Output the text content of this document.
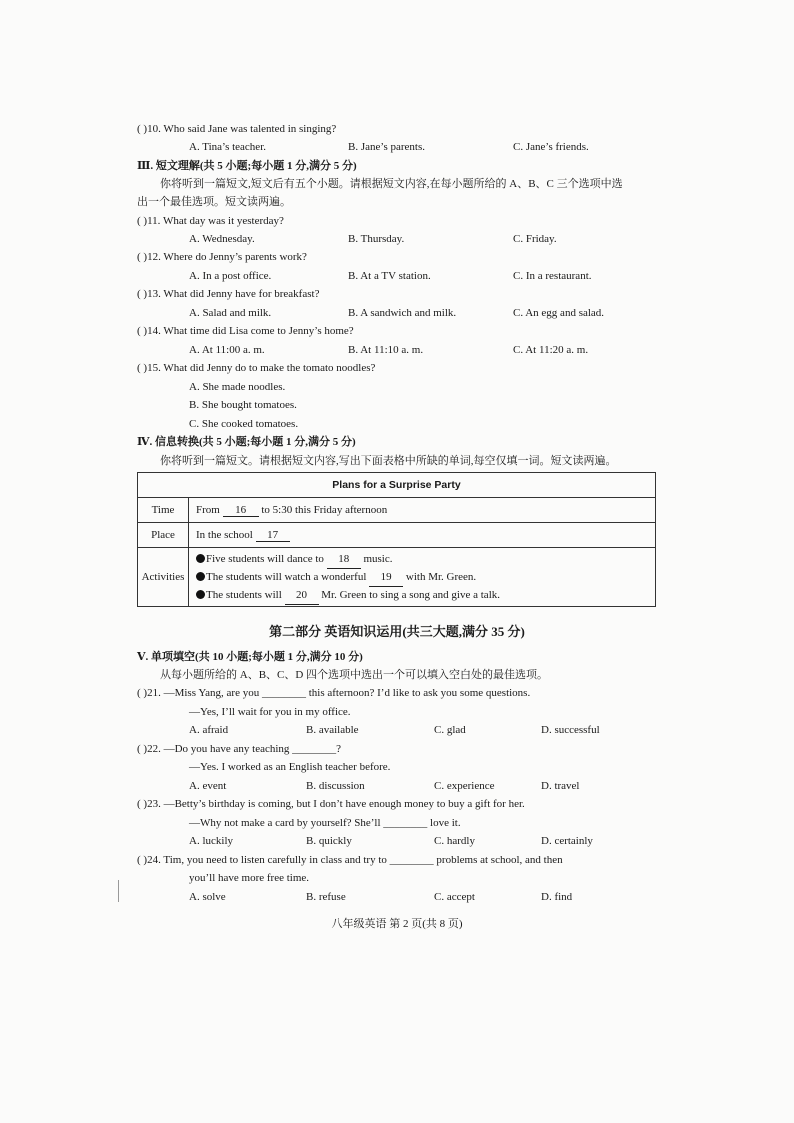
( )10. Who said Jane was talented in singing?
A. Tina’s teacher.	B. Jane’s parents.	C. Jane’s friends.
Ⅲ. 短文理解(共 5 小题;每小题 1 分,满分 5 分)
你将听到一篇短文,短文后有五个小题。请根据短文内容,在每小题所给的 A、B、C 三个选项中选
出一个最佳选项。短文读两遍。
( )11. What day was it yesterday?
A. Wednesday.	B. Thursday.	C. Friday.
( )12. Where do Jenny’s parents work?
A. In a post office.	B. At a TV station.	C. In a restaurant.
( )13. What did Jenny have for breakfast?
A. Salad and milk.	B. A sandwich and milk.	C. An egg and salad.
( )14. What time did Lisa come to Jenny’s home?
A. At 11:00 a. m.	B. At 11:10 a. m.	C. At 11:20 a. m.
( )15. What did Jenny do to make the tomato noodles?
A. She made noodles.
B. She bought tomatoes.
C. She cooked tomatoes.
Ⅳ. 信息转换(共 5 小题;每小题 1 分,满分 5 分)
你将听到一篇短文。请根据短文内容,写出下面表格中所缺的单词,每空仅填一词。短文读两遍。
Plans for a Surprise Party	
Time	From 16 to 5:30 this Friday afternoon
Place	In the school 17
Activities	Five students will dance to 18 music.
The students will watch a wonderful 19 with Mr. Green.
The students will 20 Mr. Green to sing a song and give a talk.
第二部分 英语知识运用(共三大题,满分 35 分)
Ⅴ. 单项填空(共 10 小题;每小题 1 分,满分 10 分)
从每小题所给的 A、B、C、D 四个选项中选出一个可以填入空白处的最佳选项。
( )21. —Miss Yang, are you ________ this afternoon? I’d like to ask you some questions.
—Yes, I’ll wait for you in my office.
A. afraid	B. available	C. glad	D. successful
( )22. —Do you have any teaching ________?
—Yes. I worked as an English teacher before.
A. event	B. discussion	C. experience	D. travel
( )23. —Betty’s birthday is coming, but I don’t have enough money to buy a gift for her.
—Why not make a card by yourself? She’ll ________ love it.
A. luckily	B. quickly	C. hardly	D. certainly
( )24. Tim, you need to listen carefully in class and try to ________ problems at school, and then
you’ll have more free time.
A. solve	B. refuse	C. accept	D. find
八年级英语 第 2 页(共 8 页)
